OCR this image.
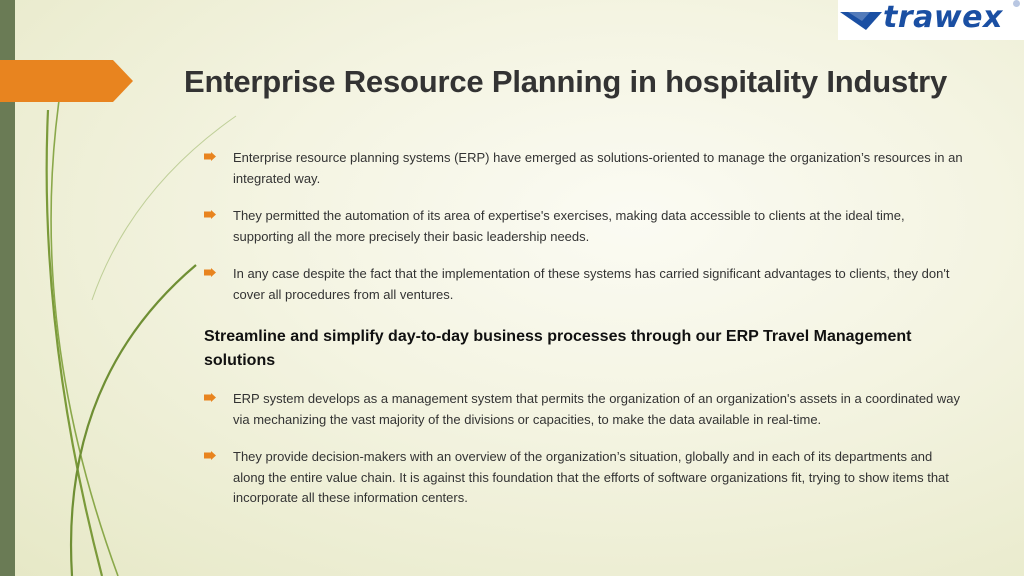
trawex
Enterprise Resource Planning in hospitality Industry
Enterprise resource planning systems (ERP) have emerged as solutions-oriented to manage the organization’s resources in an integrated way.
They permitted the automation of its area of expertise's exercises, making data accessible to clients at the ideal time, supporting all the more precisely their basic leadership needs.
In any case despite the fact that the implementation of these systems has carried significant advantages to clients, they don't cover all procedures from all ventures.
Streamline and simplify day-to-day business processes through our ERP Travel Management solutions
ERP system develops as a management system that permits the organization of an organization's assets in a coordinated way via mechanizing the vast majority of the divisions or capacities, to make the data available in real-time.
They provide decision-makers with an overview of the organization’s situation, globally and in each of its departments and along the entire value chain. It is against this foundation that the efforts of software organizations fit, trying to show items that incorporate all these information centers.
